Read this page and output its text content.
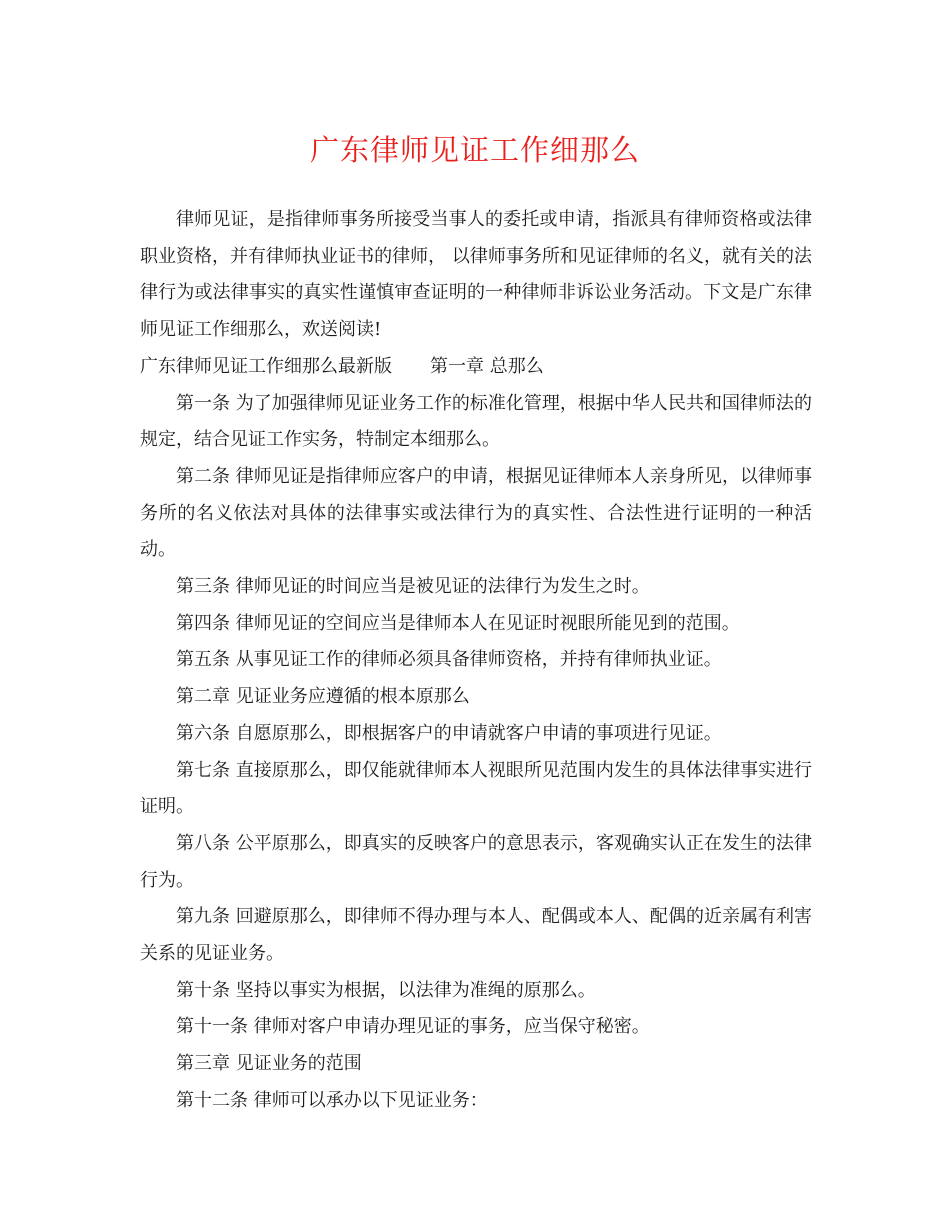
广东律师见证工作细那么

律师见证，是指律师事务所接受当事人的委托或申请，指派具有律师资格或法律职业资格，并有律师执业证书的律师， 以律师事务所和见证律师的名义，就有关的法律行为或法律事实的真实性谨慎审查证明的一种律师非诉讼业务活动。下文是广东律师见证工作细那么，欢送阅读!

广东律师见证工作细那么最新版 第一章 总那么

第一条 为了加强律师见证业务工作的标准化管理，根据中华人民共和国律师法的规定，结合见证工作实务，特制定本细那么。

第二条 律师见证是指律师应客户的申请，根据见证律师本人亲身所见，以律师事务所的名义依法对具体的法律事实或法律行为的真实性、合法性进行证明的一种活动。

第三条 律师见证的时间应当是被见证的法律行为发生之时。

第四条 律师见证的空间应当是律师本人在见证时视眼所能见到的范围。

第五条 从事见证工作的律师必须具备律师资格，并持有律师执业证。

第二章 见证业务应遵循的根本原那么

第六条 自愿原那么，即根据客户的申请就客户申请的事项进行见证。

第七条 直接原那么，即仅能就律师本人视眼所见范围内发生的具体法律事实进行证明。

第八条 公平原那么，即真实的反映客户的意思表示，客观确实认正在发生的法律行为。

第九条 回避原那么，即律师不得办理与本人、配偶或本人、配偶的近亲属有利害关系的见证业务。

第十条 坚持以事实为根据，以法律为准绳的原那么。

第十一条 律师对客户申请办理见证的事务，应当保守秘密。

第三章 见证业务的范围

第十二条 律师可以承办以下见证业务：
